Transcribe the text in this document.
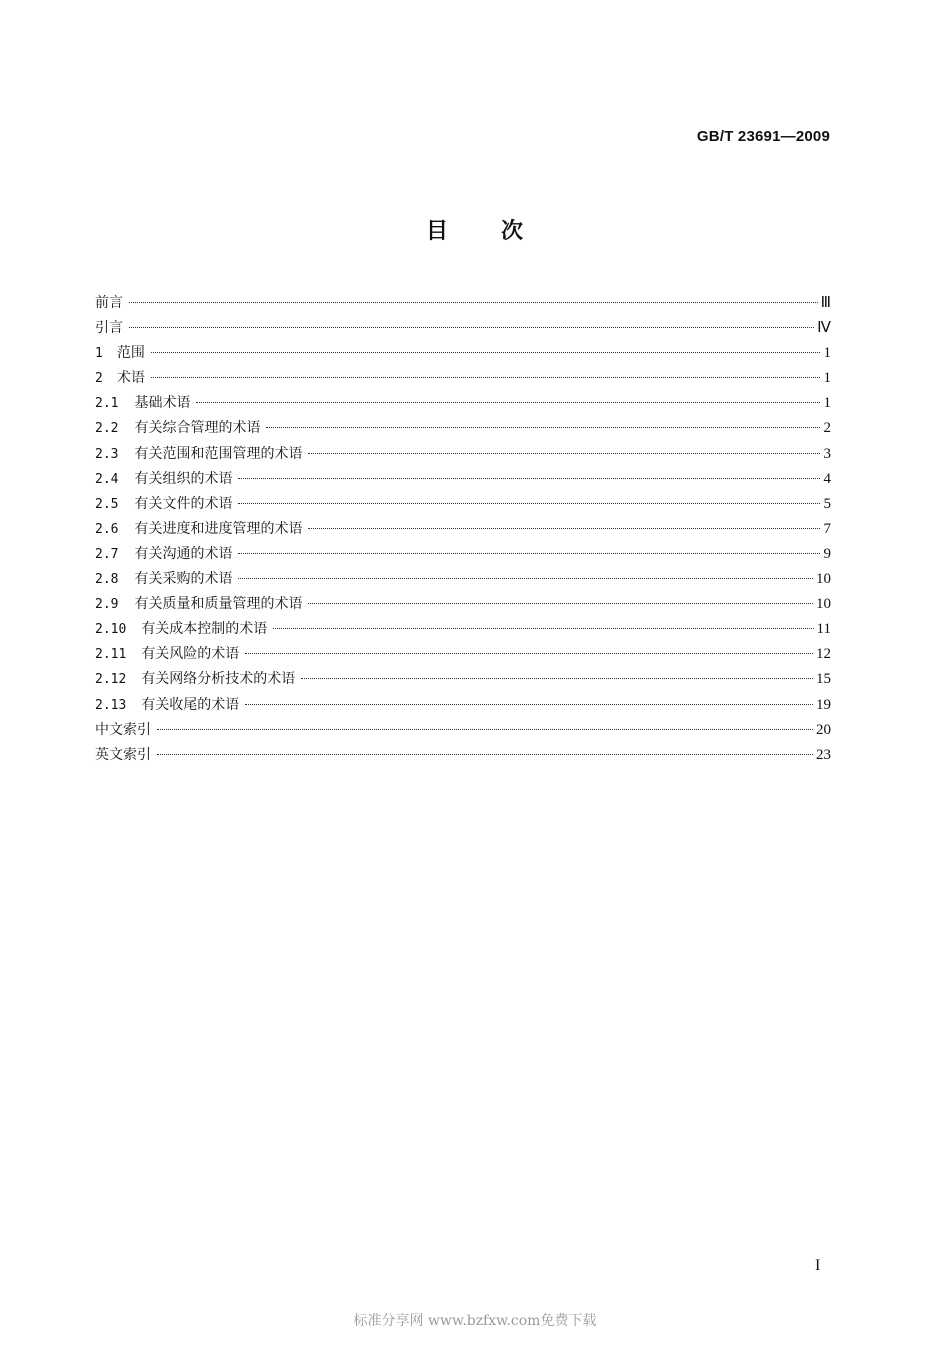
GB/T 23691—2009
目 次
前言	Ⅲ
引言	Ⅳ
1 范围	1
2 术语	1
2.1 基础术语	1
2.2 有关综合管理的术语	2
2.3 有关范围和范围管理的术语	3
2.4 有关组织的术语	4
2.5 有关文件的术语	5
2.6 有关进度和进度管理的术语	7
2.7 有关沟通的术语	9
2.8 有关采购的术语	10
2.9 有关质量和质量管理的术语	10
2.10 有关成本控制的术语	11
2.11 有关风险的术语	12
2.12 有关网络分析技术的术语	15
2.13 有关收尾的术语	19
中文索引	20
英文索引	23
I
标准分享网 www.bzfxw.com免费下载
